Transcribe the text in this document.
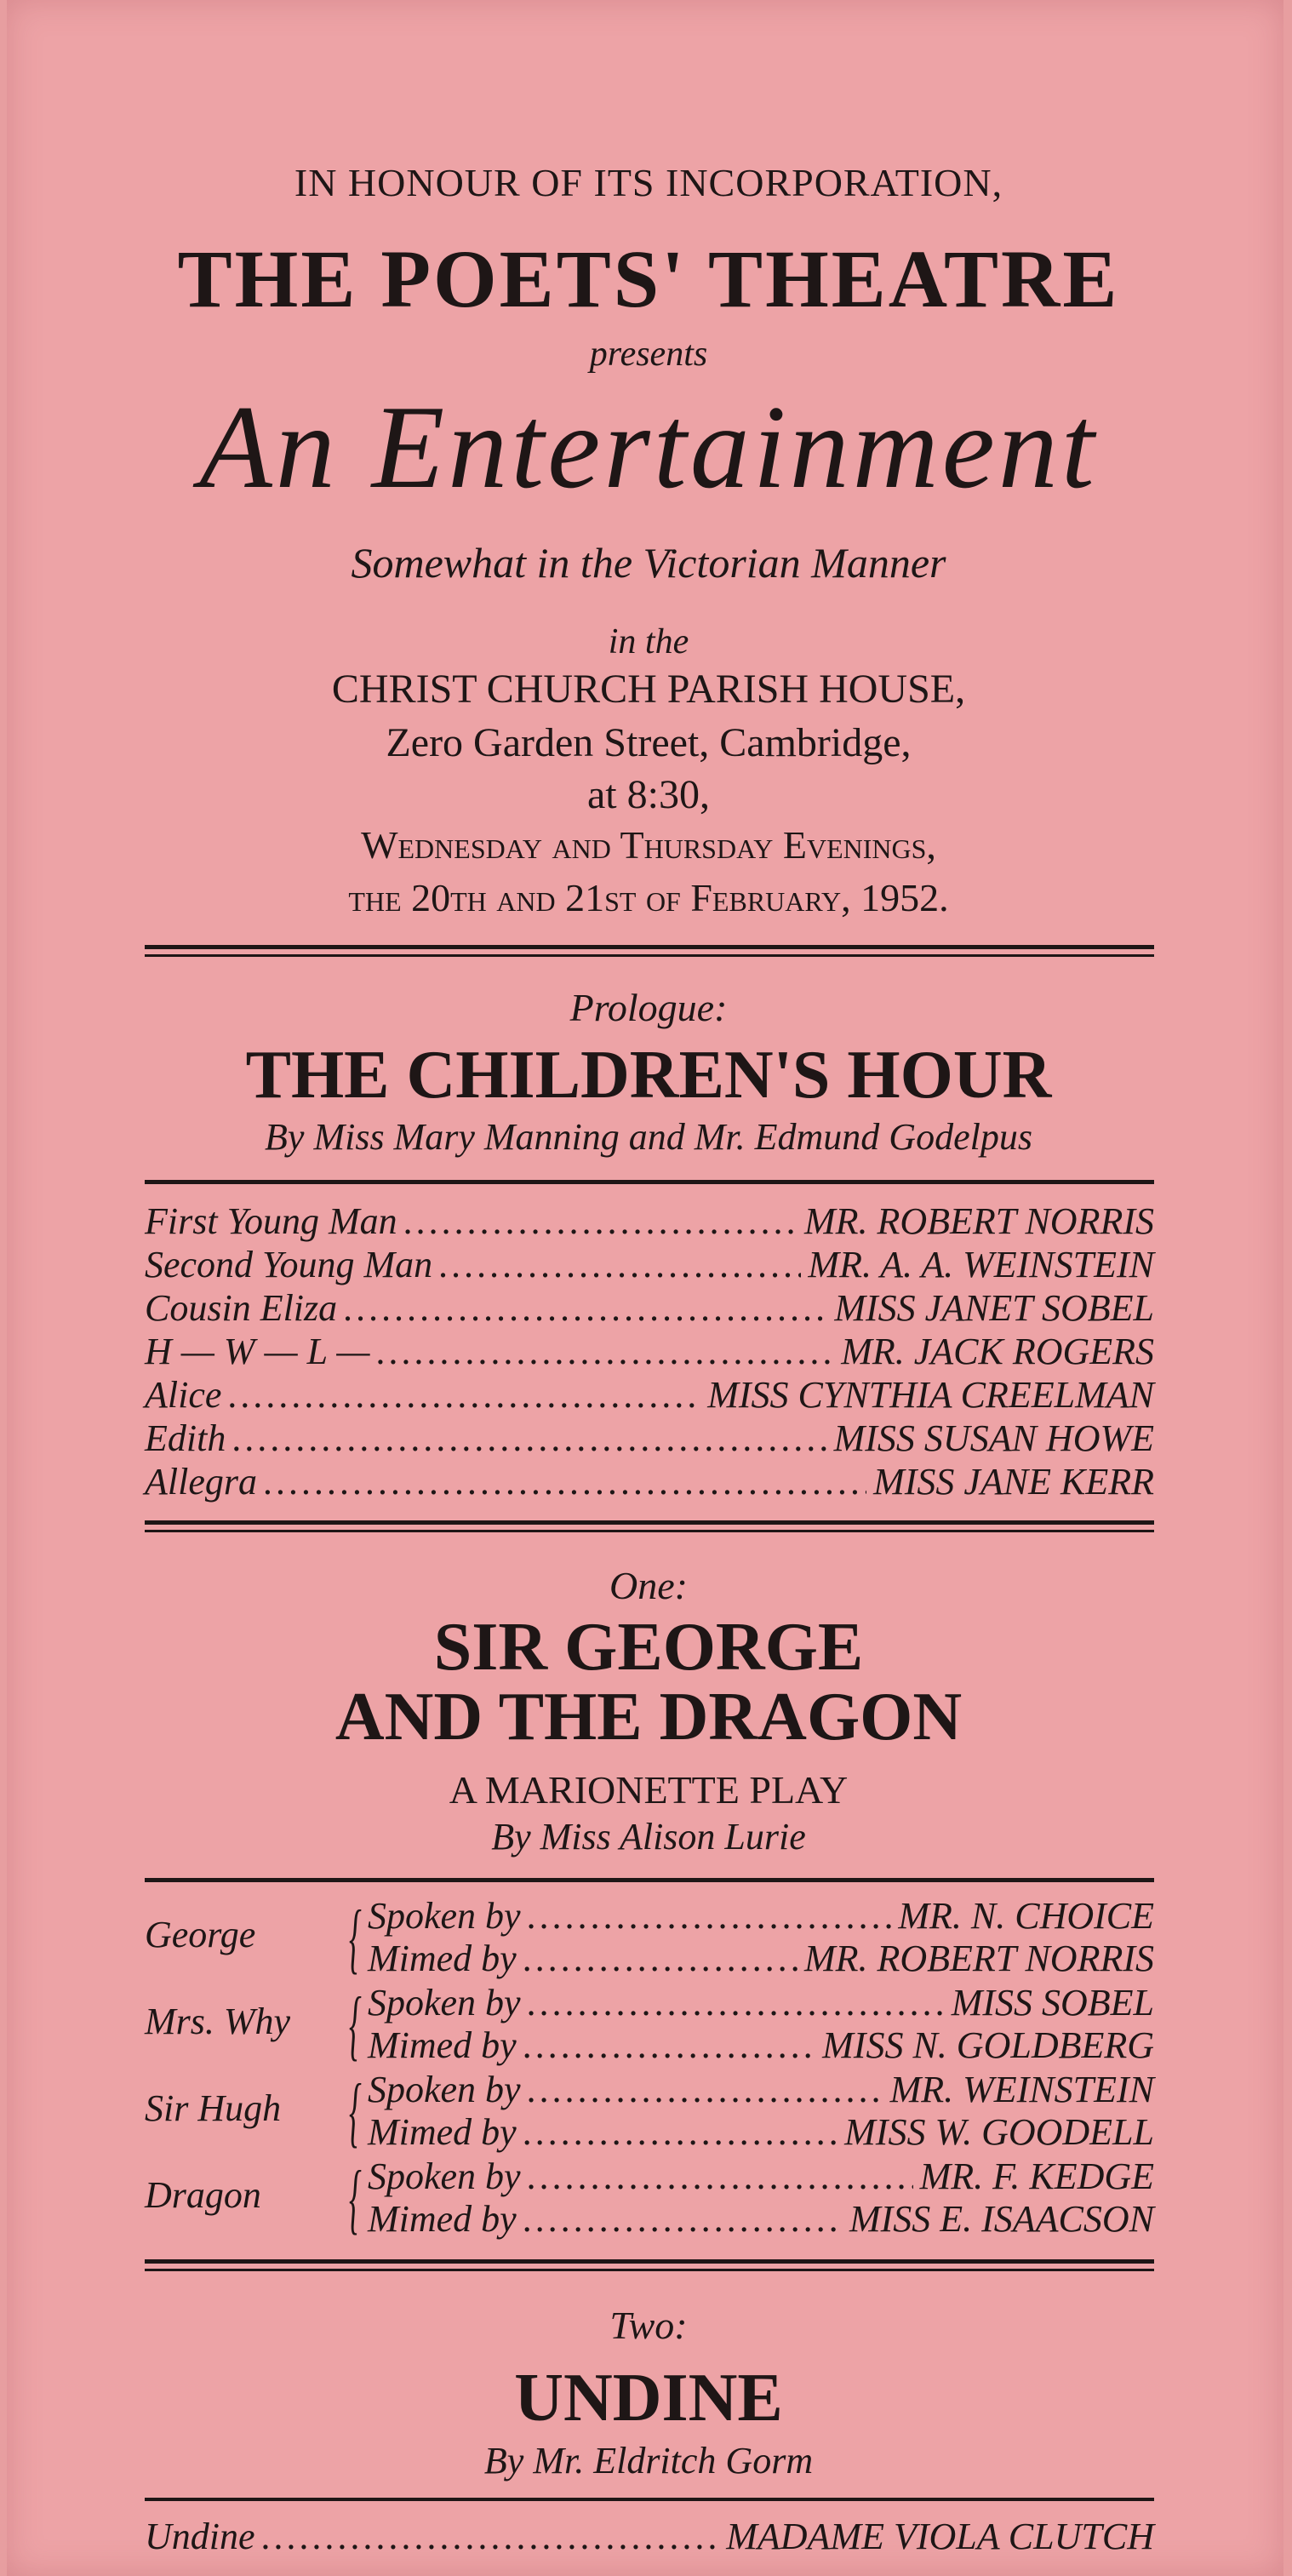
IN HONOUR OF ITS INCORPORATION,
THE POETS' THEATRE
presents
An Entertainment
Somewhat in the Victorian Manner
in the
CHRIST CHURCH PARISH HOUSE,
Zero Garden Street, Cambridge,
at 8:30,
Wednesday and Thursday Evenings,
the 20th and 21st of February, 1952.
Prologue:
THE CHILDREN'S HOUR
By Miss Mary Manning and Mr. Edmund Godelpus
First Young Man .....	MR. ROBERT NORRIS
Second Young Man .....	MR. A. A. WEINSTEIN
Cousin Eliza .....	MISS JANET SOBEL
H — W — L — .....	MR. JACK ROGERS
Alice .....	MISS CYNTHIA CREELMAN
Edith .....	MISS SUSAN HOWE
Allegra .....	MISS JANE KERR
One:
SIR GEORGE
AND THE DRAGON
A MARIONETTE PLAY
By Miss Alison Lurie
George { Spoken by .....	MR. N. CHOICE
Mimed by .....	MR. ROBERT NORRIS
Mrs. Why { Spoken by .....	MISS SOBEL
Mimed by .....	MISS N. GOLDBERG
Sir Hugh { Spoken by .....	MR. WEINSTEIN
Mimed by .....	MISS W. GOODELL
Dragon { Spoken by .....	MR. F. KEDGE
Mimed by .....	MISS E. ISAACSON
Two:
UNDINE
By Mr. Eldritch Gorm
Undine .....	MADAME VIOLA CLUTCH
